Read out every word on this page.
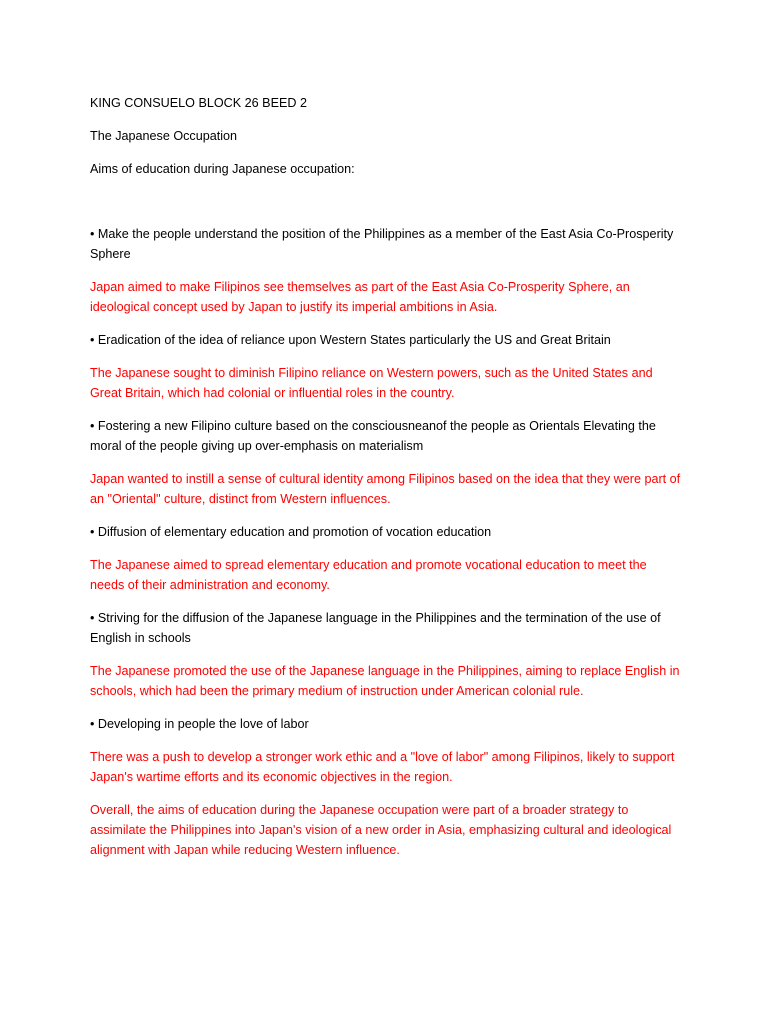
KING CONSUELO BLOCK 26 BEED 2

The Japanese Occupation

Aims of education during Japanese occupation:

• Make the people understand the position of the Philippines as a member of the East Asia Co-Prosperity Sphere

Japan aimed to make Filipinos see themselves as part of the East Asia Co-Prosperity Sphere, an ideological concept used by Japan to justify its imperial ambitions in Asia.

• Eradication of the idea of reliance upon Western States particularly the US and Great Britain

The Japanese sought to diminish Filipino reliance on Western powers, such as the United States and Great Britain, which had colonial or influential roles in the country.

• Fostering a new Filipino culture based on the consciousneanof the people as Orientals Elevating the moral of the people giving up over-emphasis on materialism

Japan wanted to instill a sense of cultural identity among Filipinos based on the idea that they were part of an "Oriental" culture, distinct from Western influences.

• Diffusion of elementary education and promotion of vocation education

The Japanese aimed to spread elementary education and promote vocational education to meet the needs of their administration and economy.

• Striving for the diffusion of the Japanese language in the Philippines and the termination of the use of English in schools

The Japanese promoted the use of the Japanese language in the Philippines, aiming to replace English in schools, which had been the primary medium of instruction under American colonial rule.

• Developing in people the love of labor

There was a push to develop a stronger work ethic and a "love of labor" among Filipinos, likely to support Japan's wartime efforts and its economic objectives in the region.

Overall, the aims of education during the Japanese occupation were part of a broader strategy to assimilate the Philippines into Japan's vision of a new order in Asia, emphasizing cultural and ideological alignment with Japan while reducing Western influence.
